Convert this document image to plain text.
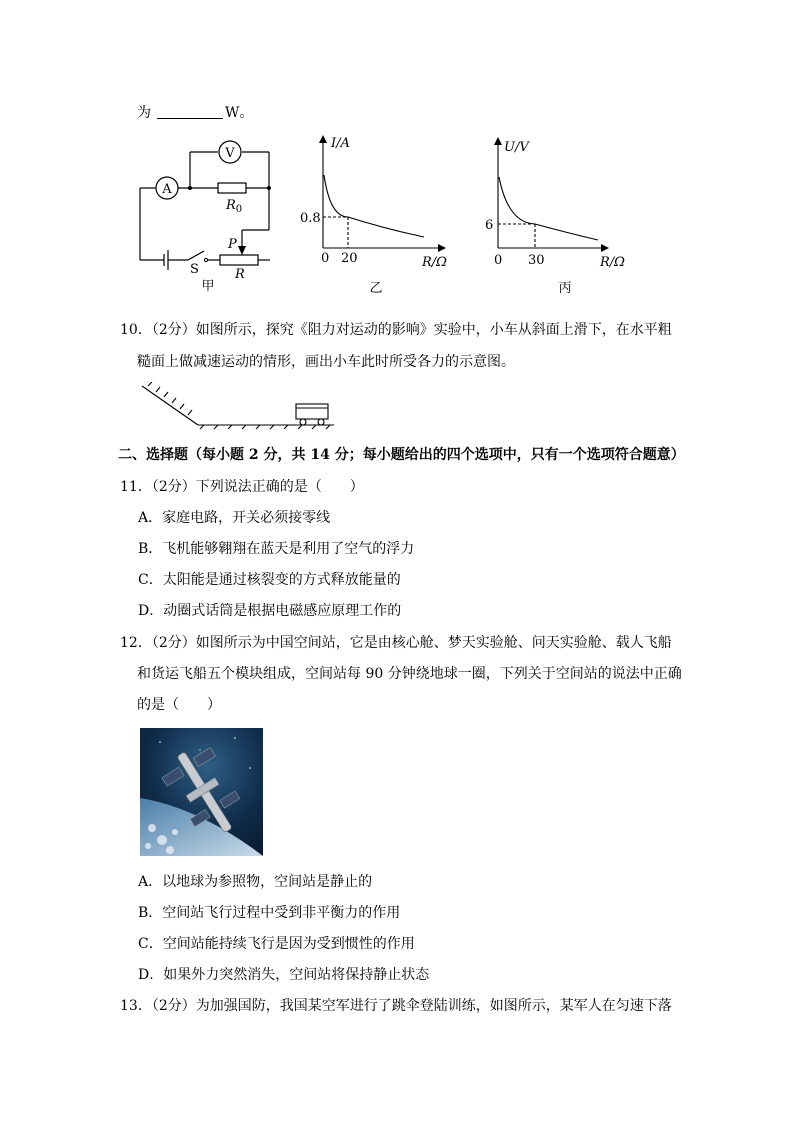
为	W。
V
A
$R_0$
P
S	R
甲
I/A
0.8
0 20	R/Ω
乙
U/V
6
0 30	R/Ω
丙
10．（2分）如图所示，探究《阻力对运动的影响》实验中，小车从斜面上滑下，在水平粗
糙面上做减速运动的情形，画出小车此时所受各力的示意图。
二、选择题（每小题 2 分，共 14 分；每小题给出的四个选项中，只有一个选项符合题意）
11．（2分）下列说法正确的是（　　）
A．家庭电路，开关必须接零线
B．飞机能够翱翔在蓝天是利用了空气的浮力
C．太阳能是通过核裂变的方式释放能量的
D．动圈式话筒是根据电磁感应原理工作的
12．（2分）如图所示为中国空间站，它是由核心舱、梦天实验舱、问天实验舱、载人飞船
和货运飞船五个模块组成，空间站每 90 分钟绕地球一圈，下列关于空间站的说法中正确
的是（　　）
A．以地球为参照物，空间站是静止的
B．空间站飞行过程中受到非平衡力的作用
C．空间站能持续飞行是因为受到惯性的作用
D．如果外力突然消失，空间站将保持静止状态
13．（2分）为加强国防，我国某空军进行了跳伞登陆训练，如图所示，某军人在匀速下落
